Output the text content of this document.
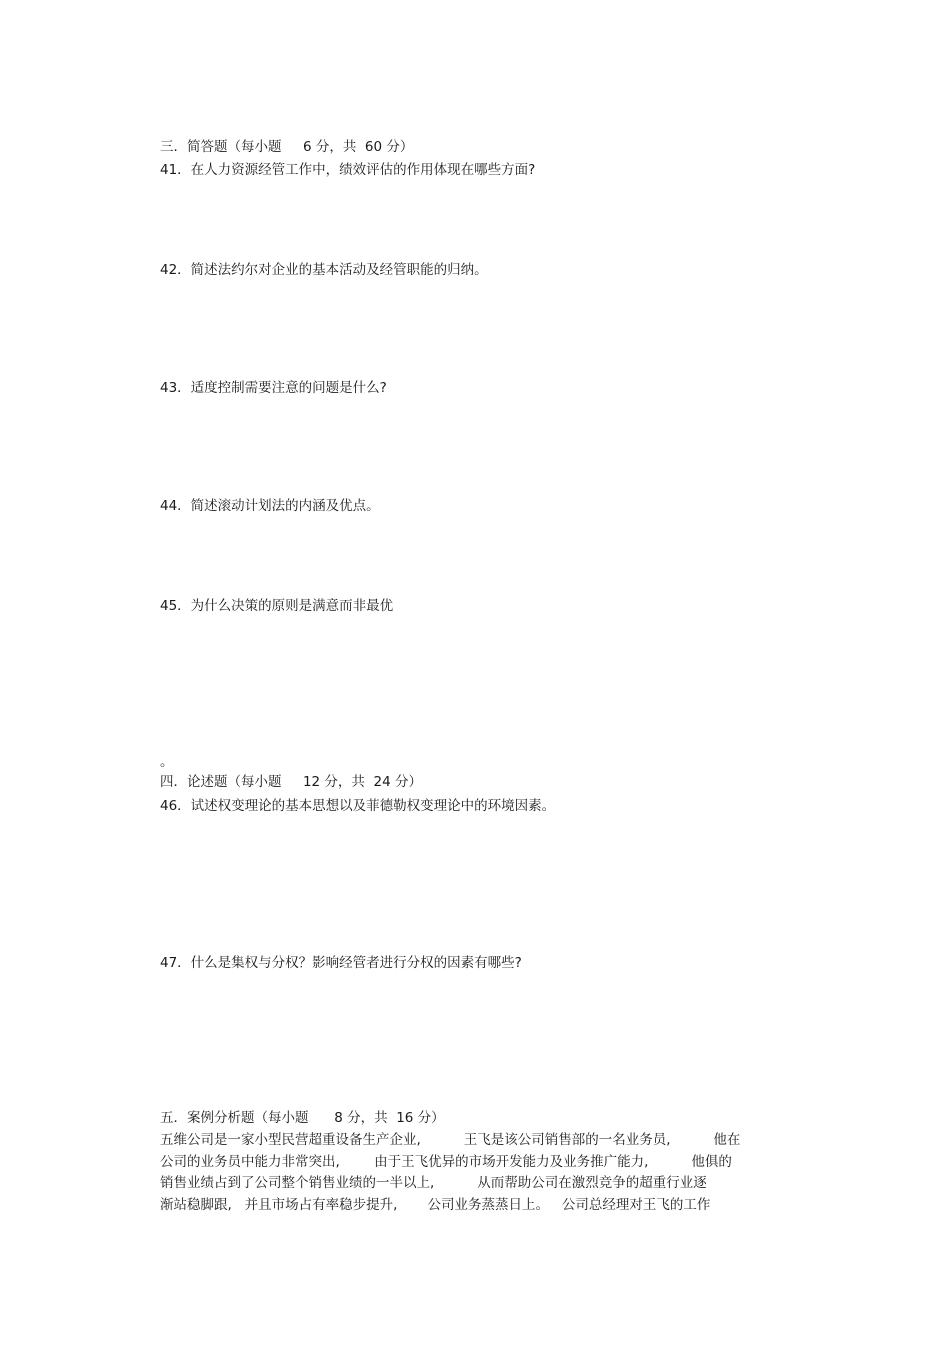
三．简答题（每小题     6 分，共  60 分）

41．在人力资源经管工作中，绩效评估的作用体现在哪些方面?

42．简述法约尔对企业的基本活动及经管职能的归纳。

43．适度控制需要注意的问题是什么?

44．简述滚动计划法的内涵及优点。

45．为什么决策的原则是满意而非最优

。

四．论述题（每小题     12 分，共  24 分）

46．试述权变理论的基本思想以及菲德勒权变理论中的环境因素。

47．什么是集权与分权？影响经管者进行分权的因素有哪些?

五．案例分析题（每小题      8 分，共  16 分）

五维公司是一家小型民营超重设备生产企业,          王飞是该公司销售部的一名业务员,          他在

公司的业务员中能力非常突出,        由于王飞优异的市场开发能力及业务推广能力,          他俱的

销售业绩占到了公司整个销售业绩的一半以上,          从而帮助公司在激烈竞争的超重行业逐

渐站稳脚跟,   并且市场占有率稳步提升,       公司业务蒸蒸日上。   公司总经理对王飞的工作
